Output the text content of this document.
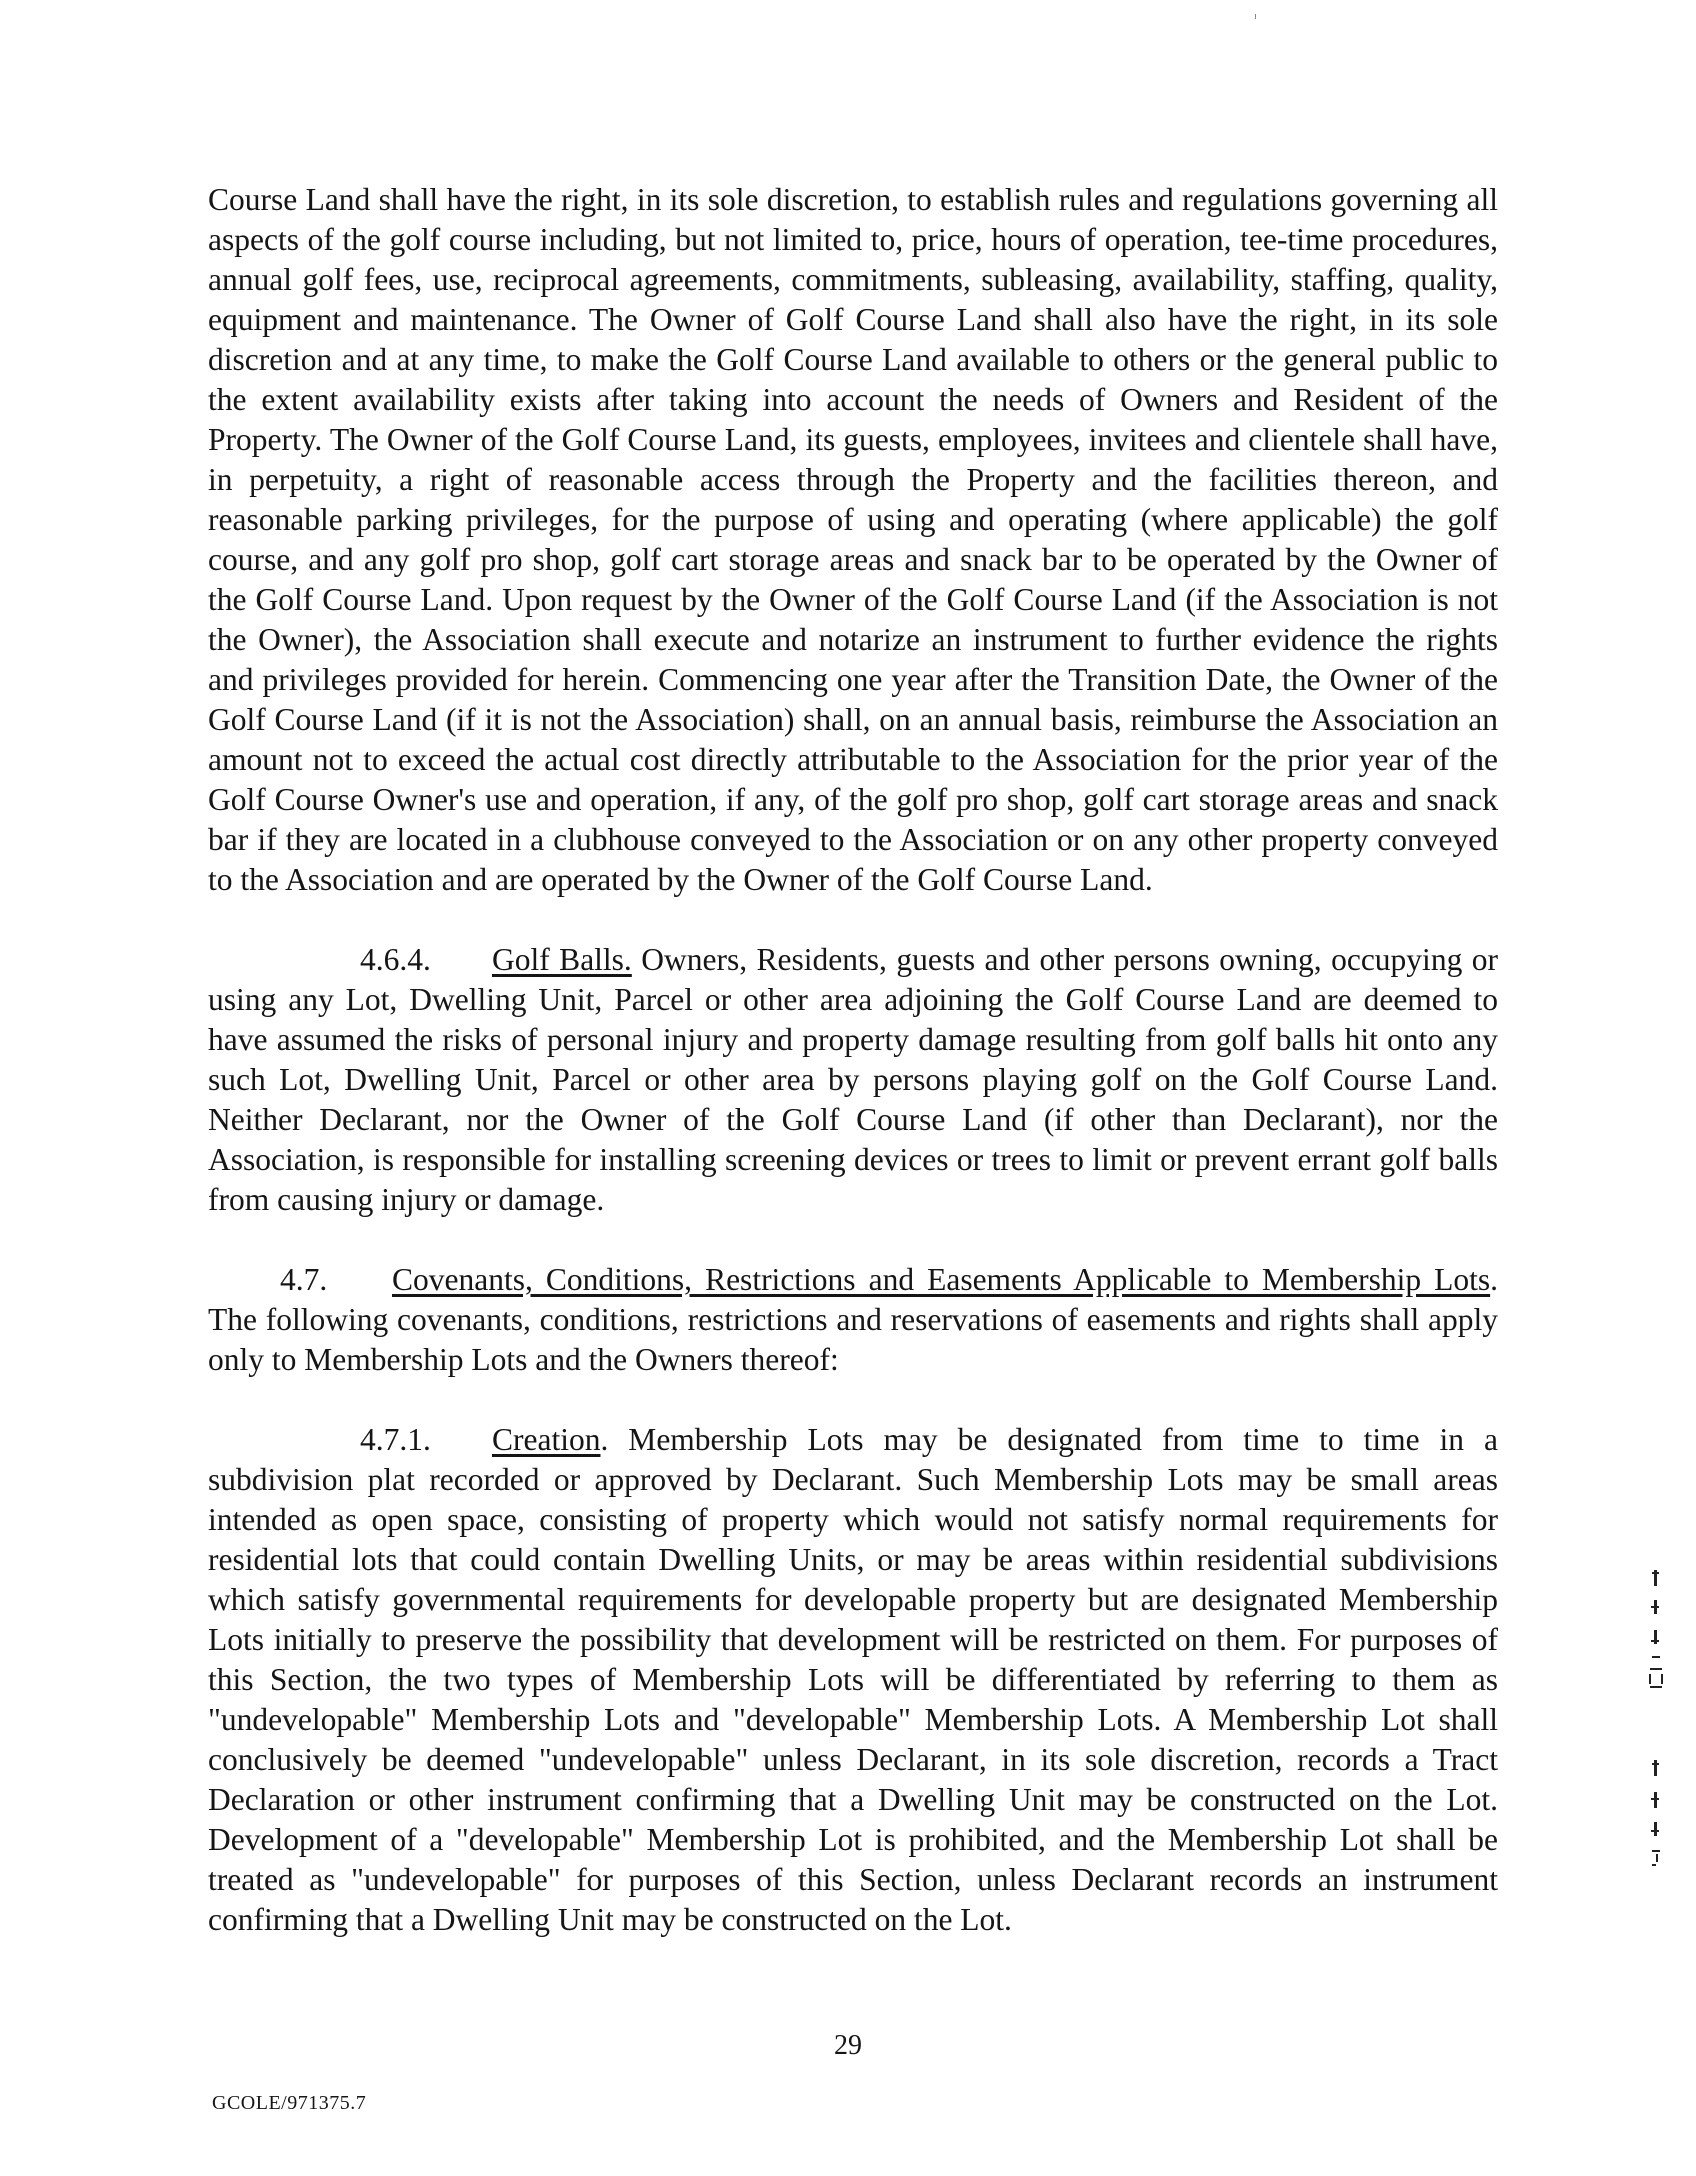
Course Land shall have the right, in its sole discretion, to establish rules and regulations governing all aspects of the golf course including, but not limited to, price, hours of operation, tee-time procedures, annual golf fees, use, reciprocal agreements, commitments, subleasing, availability, staffing, quality, equipment and maintenance. The Owner of Golf Course Land shall also have the right, in its sole discretion and at any time, to make the Golf Course Land available to others or the general public to the extent availability exists after taking into account the needs of Owners and Resident of the Property. The Owner of the Golf Course Land, its guests, employees, invitees and clientele shall have, in perpetuity, a right of reasonable access through the Property and the facilities thereon, and reasonable parking privileges, for the purpose of using and operating (where applicable) the golf course, and any golf pro shop, golf cart storage areas and snack bar to be operated by the Owner of the Golf Course Land. Upon request by the Owner of the Golf Course Land (if the Association is not the Owner), the Association shall execute and notarize an instrument to further evidence the rights and privileges provided for herein. Commencing one year after the Transition Date, the Owner of the Golf Course Land (if it is not the Association) shall, on an annual basis, reimburse the Association an amount not to exceed the actual cost directly attributable to the Association for the prior year of the Golf Course Owner's use and operation, if any, of the golf pro shop, golf cart storage areas and snack bar if they are located in a clubhouse conveyed to the Association or on any other property conveyed to the Association and are operated by the Owner of the Golf Course Land.

4.6.4. Golf Balls. Owners, Residents, guests and other persons owning, occupying or using any Lot, Dwelling Unit, Parcel or other area adjoining the Golf Course Land are deemed to have assumed the risks of personal injury and property damage resulting from golf balls hit onto any such Lot, Dwelling Unit, Parcel or other area by persons playing golf on the Golf Course Land. Neither Declarant, nor the Owner of the Golf Course Land (if other than Declarant), nor the Association, is responsible for installing screening devices or trees to limit or prevent errant golf balls from causing injury or damage.

4.7. Covenants, Conditions, Restrictions and Easements Applicable to Membership Lots. The following covenants, conditions, restrictions and reservations of easements and rights shall apply only to Membership Lots and the Owners thereof:

4.7.1. Creation. Membership Lots may be designated from time to time in a subdivision plat recorded or approved by Declarant. Such Membership Lots may be small areas intended as open space, consisting of property which would not satisfy normal requirements for residential lots that could contain Dwelling Units, or may be areas within residential subdivisions which satisfy governmental requirements for developable property but are designated Membership Lots initially to preserve the possibility that development will be restricted on them. For purposes of this Section, the two types of Membership Lots will be differentiated by referring to them as "undevelopable" Membership Lots and "developable" Membership Lots. A Membership Lot shall conclusively be deemed "undevelopable" unless Declarant, in its sole discretion, records a Tract Declaration or other instrument confirming that a Dwelling Unit may be constructed on the Lot. Development of a "developable" Membership Lot is prohibited, and the Membership Lot shall be treated as "undevelopable" for purposes of this Section, unless Declarant records an instrument confirming that a Dwelling Unit may be constructed on the Lot.

29
GCOLE/971375.7
